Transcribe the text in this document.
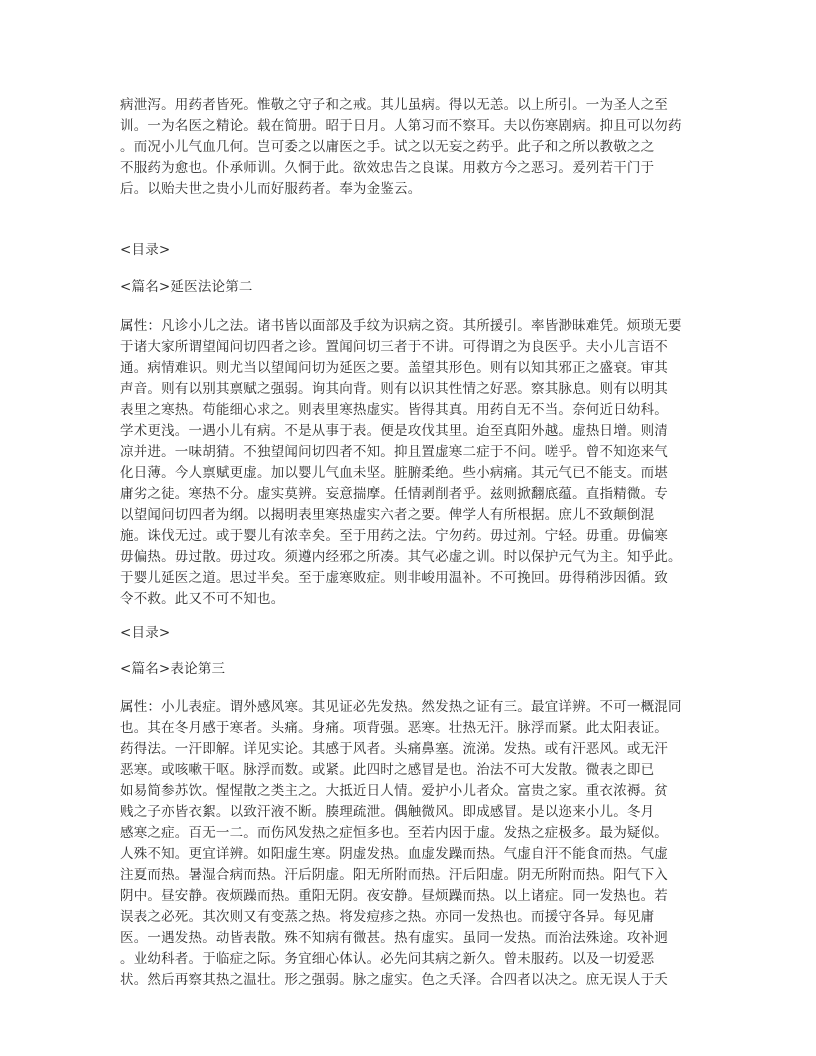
病泄泻。用药者皆死。惟敬之守子和之戒。其儿虽病。得以无恙。以上所引。一为圣人之至
训。一为名医之精论。载在简册。昭于日月。人第习而不察耳。夫以伤寒剧病。抑且可以勿药
。而况小儿气血几何。岂可委之以庸医之手。试之以无妄之药乎。此子和之所以教敬之之
不服药为愈也。仆承师训。久恫于此。欲效忠告之良谋。用救方今之恶习。爰列若干门于
后。以贻夫世之贵小儿而好服药者。奉为金鉴云。
<目录>
<篇名>延医法论第二
属性：凡诊小儿之法。诸书皆以面部及手纹为识病之资。其所援引。率皆渺昧难凭。烦琐无要
于诸大家所谓望闻问切四者之诊。置闻问切三者于不讲。可得谓之为良医乎。夫小儿言语不
通。病情难识。则尤当以望闻问切为延医之要。盖望其形色。则有以知其邪正之盛衰。审其
声音。则有以别其禀赋之强弱。询其向背。则有以识其性情之好恶。察其脉息。则有以明其
表里之寒热。苟能细心求之。则表里寒热虚实。皆得其真。用药自无不当。奈何近日幼科。
学术更浅。一遇小儿有病。不是从事于表。便是攻伐其里。迨至真阳外越。虚热日增。则清
凉并进。一味胡猜。不独望闻问切四者不知。抑且置虚寒二症于不问。嗟乎。曾不知迩来气
化日薄。今人禀赋更虚。加以婴儿气血未坚。脏腑柔绝。些小病痛。其元气已不能支。而堪
庸劣之徒。寒热不分。虚实莫辨。妄意揣摩。任情剥削者乎。兹则掀翻底蕴。直指精微。专
以望闻问切四者为纲。以揭明表里寒热虚实六者之要。俾学人有所根据。庶儿不致颠倒混
施。诛伐无过。或于婴儿有浓幸矣。至于用药之法。宁勿药。毋过剂。宁轻。毋重。毋偏寒
毋偏热。毋过散。毋过攻。须遵内经邪之所凑。其气必虚之训。时以保护元气为主。知乎此。
于婴儿延医之道。思过半矣。至于虚寒败症。则非峻用温补。不可挽回。毋得稍涉因循。致
令不救。此又不可不知也。
<目录>
<篇名>表论第三
属性：小儿表症。谓外感风寒。其见证必先发热。然发热之证有三。最宜详辨。不可一概混同
也。其在冬月感于寒者。头痛。身痛。项背强。恶寒。壮热无汗。脉浮而紧。此太阳表证。
药得法。一汗即解。详见实论。其感于风者。头痛鼻塞。流涕。发热。或有汗恶风。或无汗
恶寒。或咳嗽干呕。脉浮而数。或紧。此四时之感冒是也。治法不可大发散。微表之即已
如易简参苏饮。惺惺散之类主之。大抵近日人情。爱护小儿者众。富贵之家。重衣浓褥。贫
贱之子亦皆衣絮。以致汗液不断。腠理疏泄。偶触微风。即成感冒。是以迩来小儿。冬月
感寒之症。百无一二。而伤风发热之症恒多也。至若内因于虚。发热之症极多。最为疑似。
人殊不知。更宜详辨。如阳虚生寒。阴虚发热。血虚发躁而热。气虚自汗不能食而热。气虚
注夏而热。暑湿合病而热。汗后阴虚。阳无所附而热。汗后阳虚。阴无所附而热。阳气下入
阴中。昼安静。夜烦躁而热。重阳无阴。夜安静。昼烦躁而热。以上诸症。同一发热也。若
误表之必死。其次则又有变蒸之热。将发痘疹之热。亦同一发热也。而援守各异。每见庸
医。一遇发热。动皆表散。殊不知病有微甚。热有虚实。虽同一发热。而治法殊途。攻补迥
。业幼科者。于临症之际。务宜细心体认。必先问其病之新久。曾未服药。以及一切爱恶
状。然后再察其热之温壮。形之强弱。脉之虚实。色之夭泽。合四者以决之。庶无误人于夭
